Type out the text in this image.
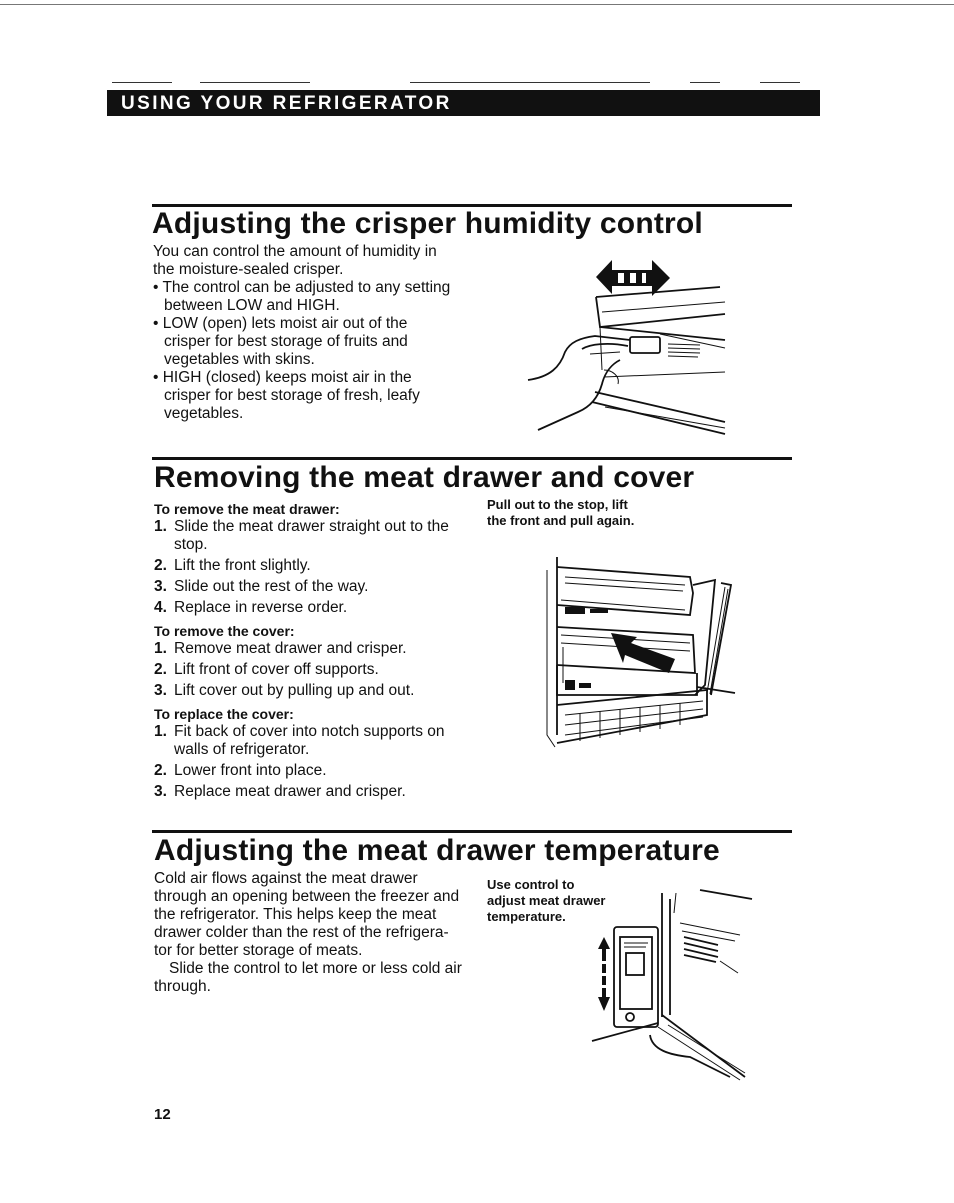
USING YOUR REFRIGERATOR
Adjusting the crisper humidity control

You can control the amount of humidity in the moisture-sealed crisper.

• The control can be adjusted to any setting between LOW and HIGH.

• LOW (open) lets moist air out of the crisper for best storage of fruits and vegetables with skins.

• HIGH (closed) keeps moist air in the crisper for best storage of fresh, leafy vegetables.

Removing the meat drawer and cover

To remove the meat drawer:

1. Slide the meat drawer straight out to the stop.
2. Lift the front slightly.
3. Slide out the rest of the way.
4. Replace in reverse order.

To remove the cover:

1. Remove meat drawer and crisper.
2. Lift front of cover off supports.
3. Lift cover out by pulling up and out.

To replace the cover:

1. Fit back of cover into notch supports on walls of refrigerator.
2. Lower front into place.
3. Replace meat drawer and crisper.
Pull out to the stop, lift
the front and pull again.
Adjusting the meat drawer temperature

Cold air flows against the meat drawer through an opening between the freezer and the refrigerator. This helps keep the meat drawer colder than the rest of the refrigera-tor for better storage of meats.

Slide the control to let more or less cold air

through.

Use control to
adjust meat drawer
temperature.
12
